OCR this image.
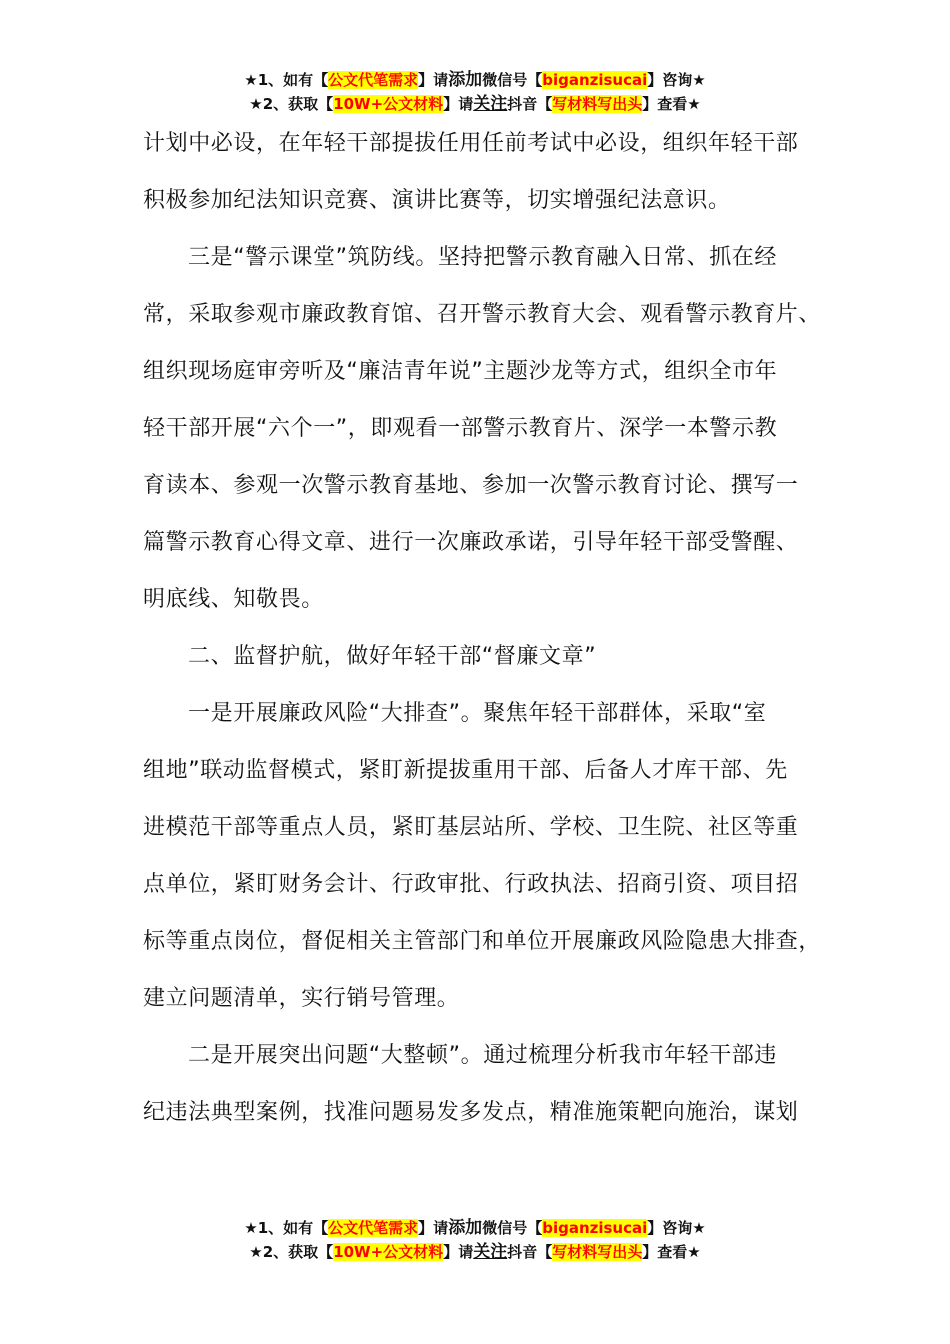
★1、如有【公文代笔需求】请添加微信号【biganzisucai】咨询★
★2、获取【10W+公文材料】请关注抖音【写材料写出头】查看★

计划中必设，在年轻干部提拔任用任前考试中必设，组织年轻干部

积极参加纪法知识竞赛、演讲比赛等，切实增强纪法意识。

三是“警示课堂”筑防线。坚持把警示教育融入日常、抓在经

常，采取参观市廉政教育馆、召开警示教育大会、观看警示教育片、

组织现场庭审旁听及“廉洁青年说”主题沙龙等方式，组织全市年

轻干部开展“六个一”，即观看一部警示教育片、深学一本警示教

育读本、参观一次警示教育基地、参加一次警示教育讨论、撰写一

篇警示教育心得文章、进行一次廉政承诺，引导年轻干部受警醒、

明底线、知敬畏。

二、监督护航，做好年轻干部“督廉文章”

一是开展廉政风险“大排查”。聚焦年轻干部群体，采取“室

组地”联动监督模式，紧盯新提拔重用干部、后备人才库干部、先

进模范干部等重点人员，紧盯基层站所、学校、卫生院、社区等重

点单位，紧盯财务会计、行政审批、行政执法、招商引资、项目招

标等重点岗位，督促相关主管部门和单位开展廉政风险隐患大排查，

建立问题清单，实行销号管理。

二是开展突出问题“大整顿”。通过梳理分析我市年轻干部违

纪违法典型案例，找准问题易发多发点，精准施策靶向施治，谋划

★1、如有【公文代笔需求】请添加微信号【biganzisucai】咨询★
★2、获取【10W+公文材料】请关注抖音【写材料写出头】查看★
